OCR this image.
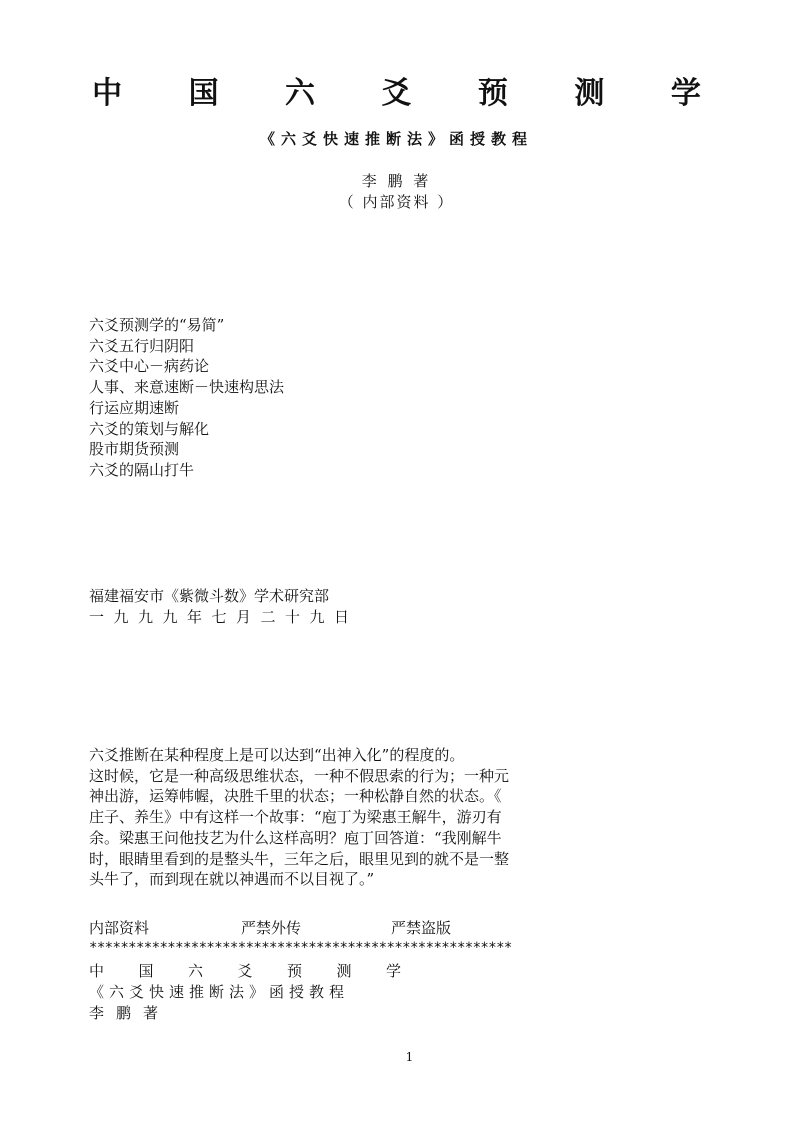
中 国 六 爻 预 测 学
《六爻快速推断法》函授教程
李 鹏 著
（ 内部资料 ）
六爻预测学的“易简”
六爻五行归阴阳
六爻中心－病药论
人事、来意速断－快速构思法
行运应期速断
六爻的策划与解化
股市期货预测
六爻的隔山打牛
福建福安市《紫微斗数》学术研究部
一九九九年七月二十九日
六爻推断在某种程度上是可以达到“出神入化”的程度的。
这时候，它是一种高级思维状态，一种不假思索的行为；一种元
神出游，运筹帏幄，决胜千里的状态；一种松静自然的状态。《
庄子、养生》中有这样一个故事：“庖丁为梁惠王解牛，游刃有
余。梁惠王问他技艺为什么这样高明？庖丁回答道：“我刚解牛
时，眼睛里看到的是整头牛，三年之后，眼里见到的就不是一整
头牛了，而到现在就以神遇而不以目视了。”
内部资料	严禁外传	严禁盗版
******************************************************
中国六爻预测学
《六爻快速推断法》函授教程
李鹏著
1
